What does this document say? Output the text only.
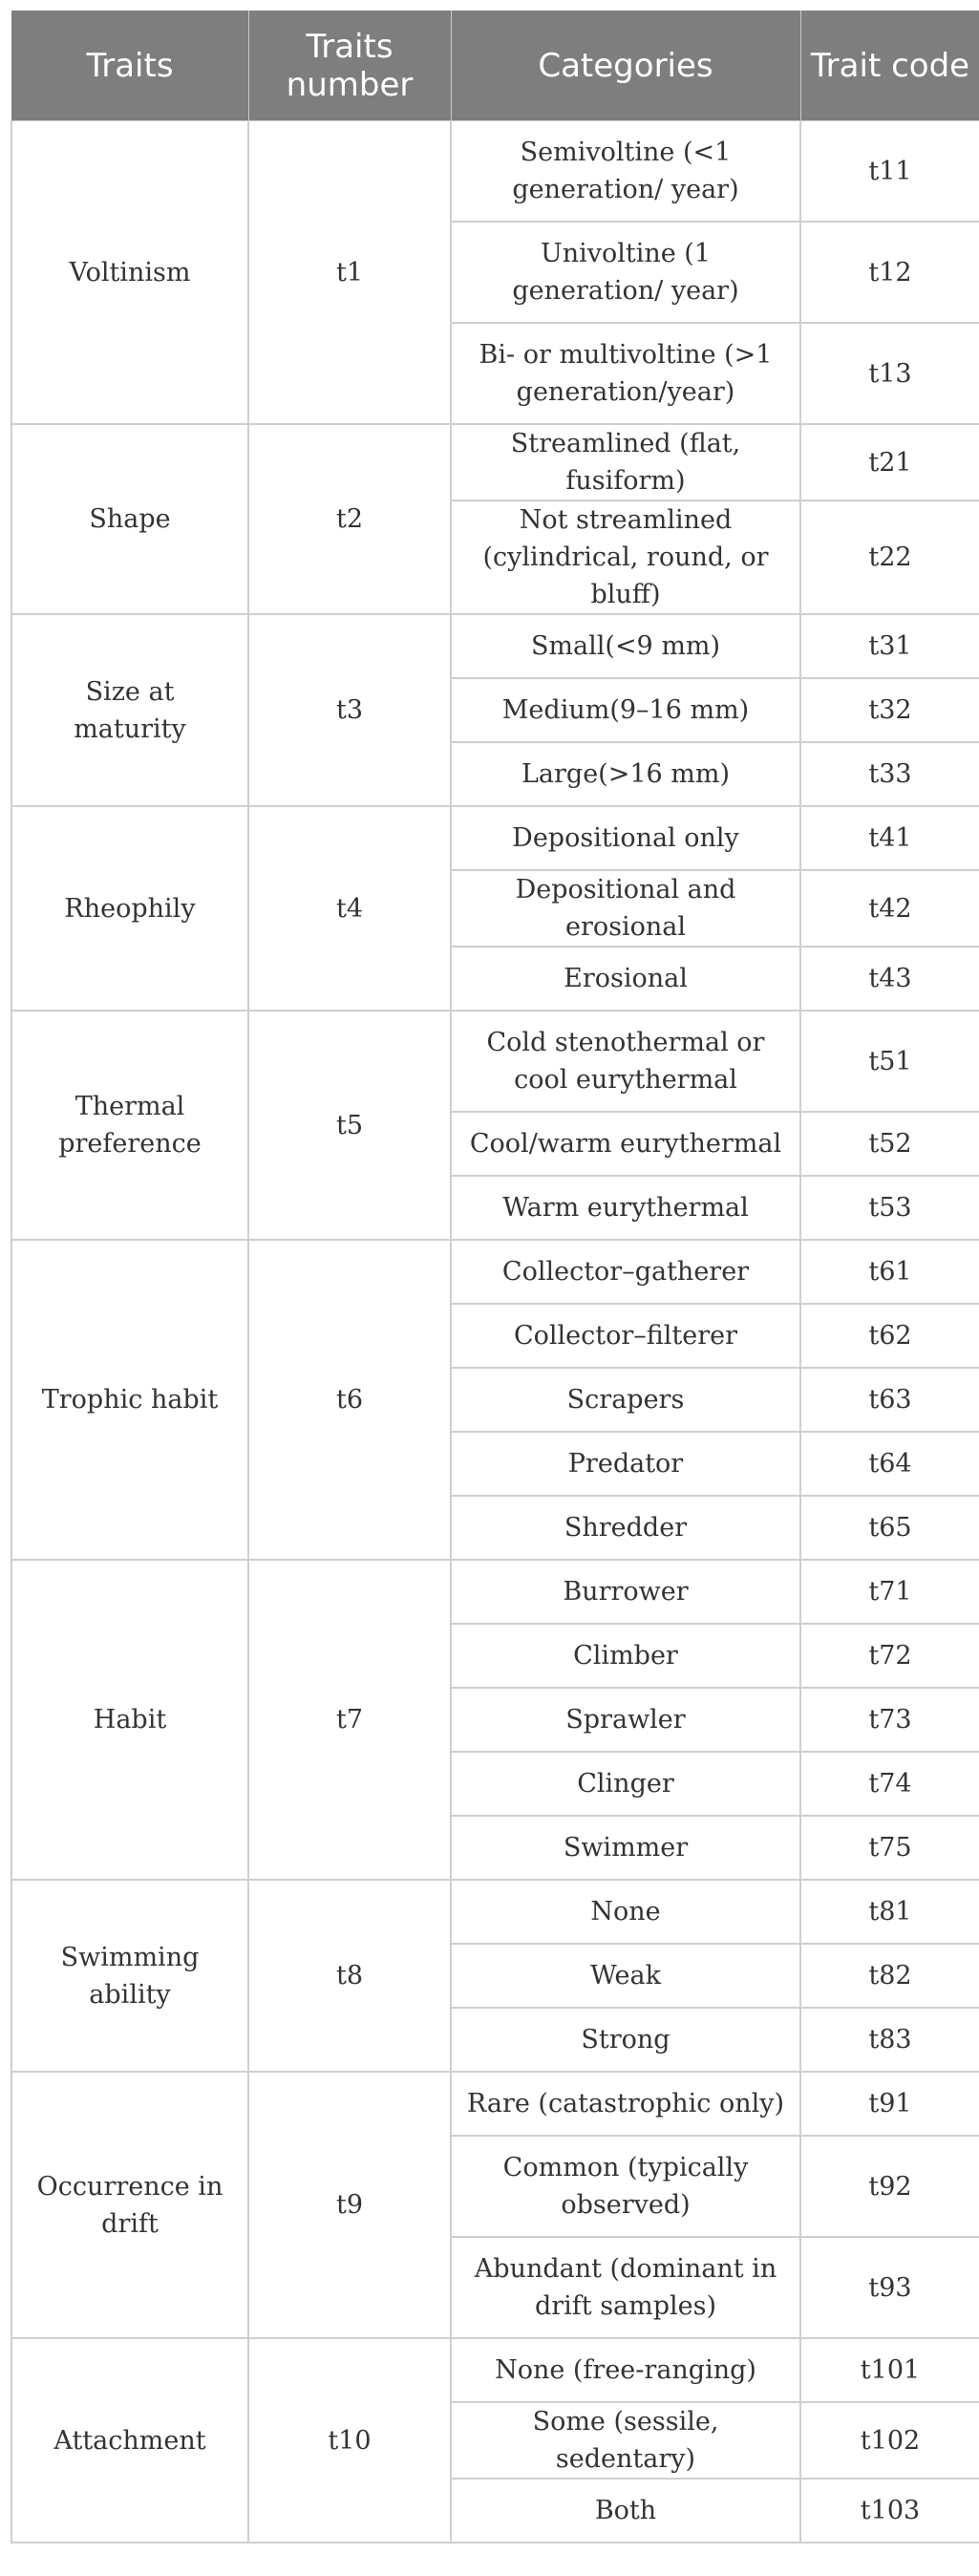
Traits	Traits number	Categories	Trait code
Voltinism	t1	Semivoltine (<1 generation/ year)	t11
		Univoltine (1 generation/ year)	t12
		Bi- or multivoltine (>1 generation/year)	t13
Shape	t2	Streamlined (flat, fusiform)	t21
		Not streamlined (cylindrical, round, or bluff)	t22
Size at maturity	t3	Small(<9 mm)	t31
		Medium(9–16 mm)	t32
		Large(>16 mm)	t33
Rheophily	t4	Depositional only	t41
		Depositional and erosional	t42
		Erosional	t43
Thermal preference	t5	Cold stenothermal or cool eurythermal	t51
		Cool/warm eurythermal	t52
		Warm eurythermal	t53
Trophic habit	t6	Collector–gatherer	t61
		Collector–filterer	t62
		Scrapers	t63
		Predator	t64
		Shredder	t65
Habit	t7	Burrower	t71
		Climber	t72
		Sprawler	t73
		Clinger	t74
		Swimmer	t75
Swimming ability	t8	None	t81
		Weak	t82
		Strong	t83
Occurrence in drift	t9	Rare (catastrophic only)	t91
		Common (typically observed)	t92
		Abundant (dominant in drift samples)	t93
Attachment	t10	None (free-ranging)	t101
		Some (sessile, sedentary)	t102
		Both	t103
